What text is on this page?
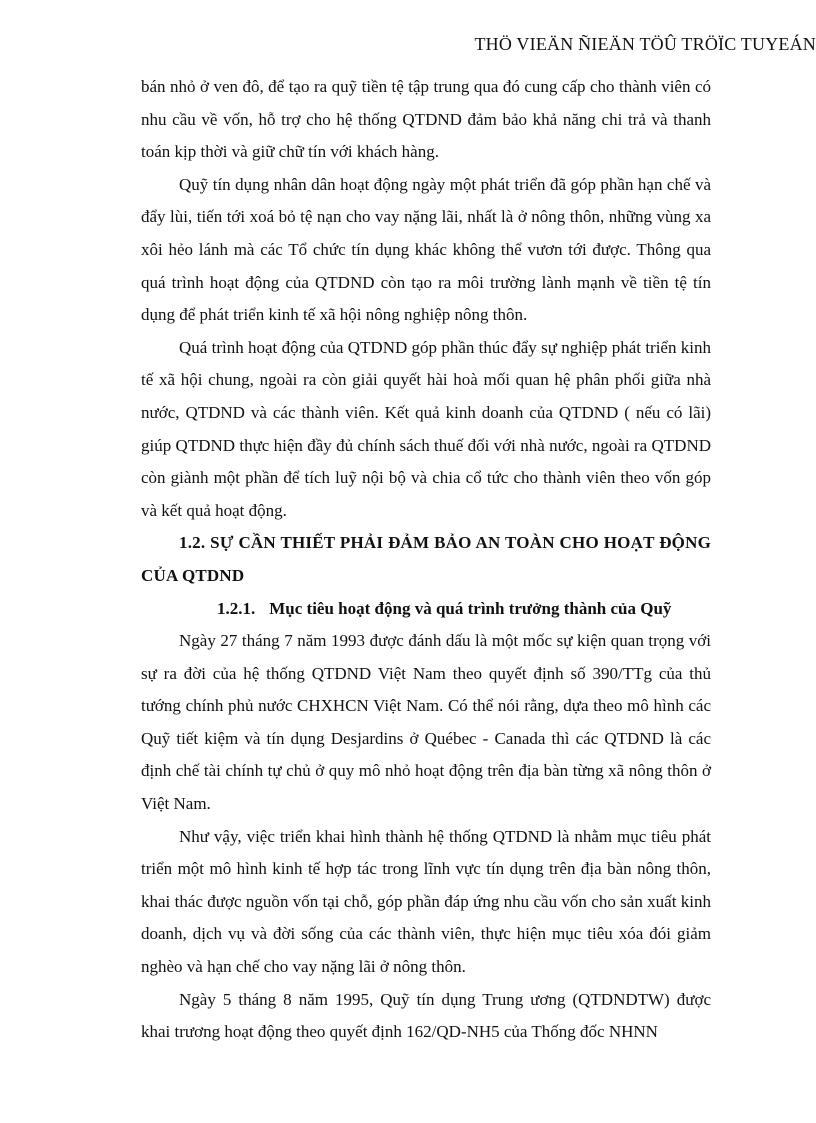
THÖ VIEÄN ÑIEÄN TÖÛ TRÖÏC TUYEÁN

bán nhỏ ở ven đô, để tạo ra quỹ tiền tệ tập trung qua đó cung cấp cho thành viên có nhu cầu về vốn, hỗ trợ cho hệ thống QTDND đảm bảo khả năng chi trả và thanh toán kịp thời và giữ chữ tín với khách hàng.

Quỹ tín dụng nhân dân hoạt động ngày một phát triển đã góp phần hạn chế và đẩy lùi, tiến tới xoá bỏ tệ nạn cho vay nặng lãi, nhất là ở nông thôn, những vùng xa xôi hẻo lánh mà các Tổ chức tín dụng khác không thể vươn tới được. Thông qua quá trình hoạt động của QTDND còn tạo ra môi trường lành mạnh về tiền tệ tín dụng để phát triển kinh tế xã hội nông nghiệp nông thôn.

Quá trình hoạt động của QTDND góp phần thúc đẩy sự nghiệp phát triển kinh tế xã hội chung, ngoài ra còn giải quyết hài hoà mối quan hệ phân phối giữa nhà nước, QTDND và các thành viên. Kết quả kinh doanh của QTDND ( nếu có lãi) giúp QTDND thực hiện đầy đủ chính sách thuế đối với nhà nước, ngoài ra QTDND còn giành một phần để tích luỹ nội bộ và chia cổ tức cho thành viên theo vốn góp và kết quả hoạt động.

1.2. SỰ CẦN THIẾT PHẢI ĐẢM BẢO AN TOÀN CHO HOẠT ĐỘNG CỦA QTDND

1.2.1. Mục tiêu hoạt động và quá trình trưởng thành của Quỹ

Ngày 27 tháng 7 năm 1993 được đánh dấu là một mốc sự kiện quan trọng với sự ra đời của hệ thống QTDND Việt Nam theo quyết định số 390/TTg của thủ tướng chính phủ nước CHXHCN Việt Nam. Có thể nói rằng, dựa theo mô hình các Quỹ tiết kiệm và tín dụng Desjardins ở Québec - Canada thì các QTDND là các định chế tài chính tự chủ ở quy mô nhỏ hoạt động trên địa bàn từng xã nông thôn ở Việt Nam.

Như vậy, việc triển khai hình thành hệ thống QTDND là nhằm mục tiêu phát triển một mô hình kinh tế hợp tác trong lĩnh vực tín dụng trên địa bàn nông thôn, khai thác được nguồn vốn tại chỗ, góp phần đáp ứng nhu cầu vốn cho sản xuất kinh doanh, dịch vụ và đời sống của các thành viên, thực hiện mục tiêu xóa đói giảm nghèo và hạn chế cho vay nặng lãi ở nông thôn.

Ngày 5 tháng 8 năm 1995, Quỹ tín dụng Trung ương (QTDNDTW) được khai trương hoạt động theo quyết định 162/QD-NH5 của Thống đốc NHNN
